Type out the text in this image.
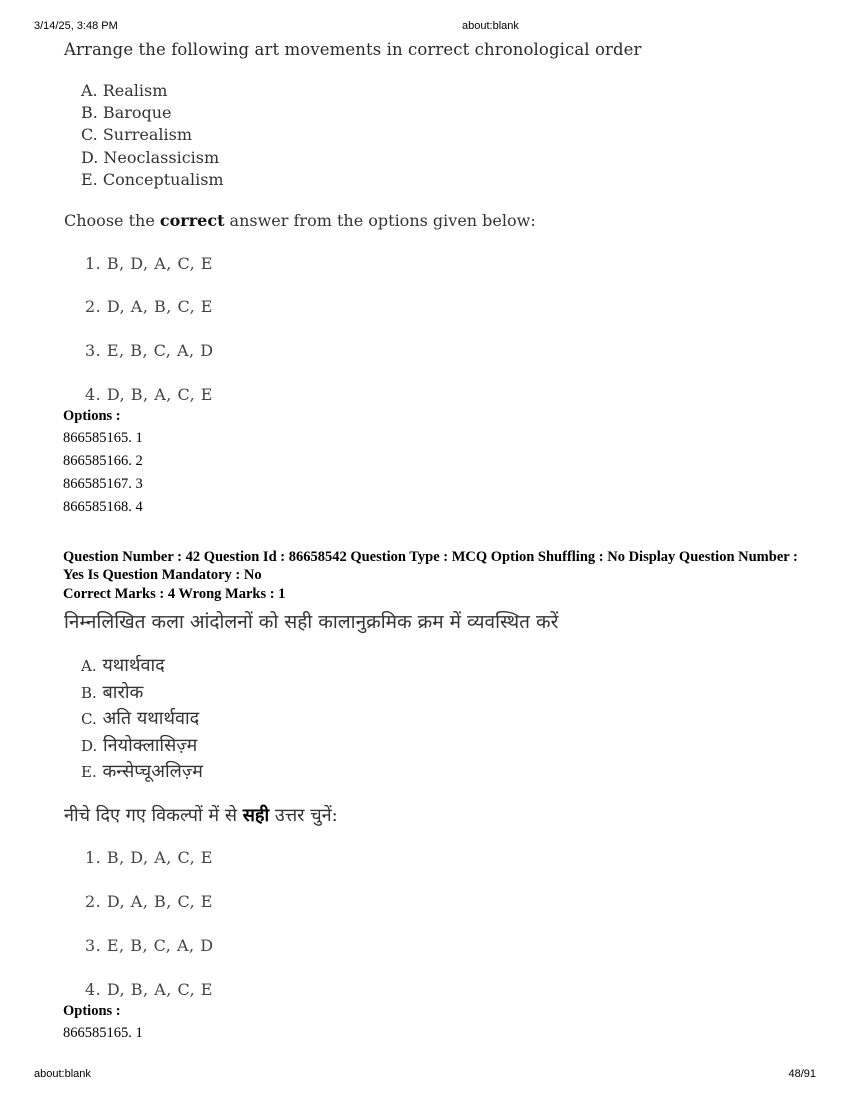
3/14/25, 3:48 PM	about:blank
Arrange the following art movements in correct chronological order
A. Realism
B. Baroque
C. Surrealism
D. Neoclassicism
E. Conceptualism
Choose the correct answer from the options given below:
1. B, D, A, C, E
2. D, A, B, C, E
3. E, B, C, A, D
4. D, B, A, C, E
Options :
866585165. 1
866585166. 2
866585167. 3
866585168. 4
Question Number : 42 Question Id : 86658542 Question Type : MCQ Option Shuffling : No Display Question Number : Yes Is Question Mandatory : No
Correct Marks : 4 Wrong Marks : 1
निम्नलिखित कला आंदोलनों को सही कालानुक्रमिक क्रम में व्यवस्थित करें
A. यथार्थवाद
B. बारोक
C. अति यथार्थवाद
D. नियोक्लासिज़्म
E. कन्सेप्चूअलिज़्म
नीचे दिए गए विकल्पों में से सही उत्तर चुनें:
1. B, D, A, C, E
2. D, A, B, C, E
3. E, B, C, A, D
4. D, B, A, C, E
Options :
866585165. 1
about:blank	48/91
